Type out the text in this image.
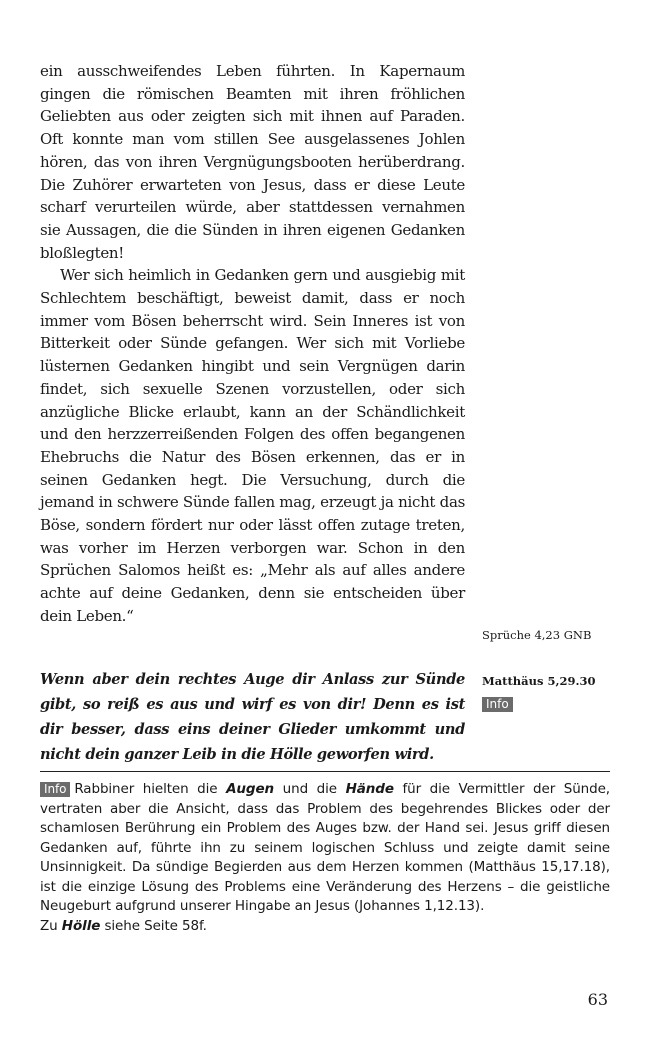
ein ausschweifendes Leben führten. In Kapernaum gingen die römischen Beamten mit ihren fröhlichen Geliebten aus oder zeigten sich mit ihnen auf Paraden. Oft konnte man vom stillen See ausgelassenes Johlen hören, das von ihren Vergnügungsbooten herüberdrang. Die Zuhörer erwarteten von Jesus, dass er diese Leute scharf verurteilen würde, aber stattdessen vernahmen sie Aussagen, die die Sünden in ihren eigenen Gedanken bloßlegten!

Wer sich heimlich in Gedanken gern und ausgiebig mit Schlechtem beschäftigt, beweist damit, dass er noch immer vom Bösen beherrscht wird. Sein Inneres ist von Bitterkeit oder Sünde gefangen. Wer sich mit Vorliebe lüsternen Gedanken hingibt und sein Vergnügen darin findet, sich sexuelle Szenen vorzustellen, oder sich anzügliche Blicke erlaubt, kann an der Schändlichkeit und den herzzerreißenden Folgen des offen begangenen Ehebruchs die Natur des Bösen erkennen, das er in seinen Gedanken hegt. Die Versuchung, durch die jemand in schwere Sünde fallen mag, erzeugt ja nicht das Böse, sondern fördert nur oder lässt offen zutage treten, was vorher im Herzen verborgen war. Schon in den Sprüchen Salomos heißt es: „Mehr als auf alles andere achte auf deine Gedanken, denn sie entscheiden über dein Leben.“

Sprüche 4,23 GNB

Wenn aber dein rechtes Auge dir Anlass zur Sünde gibt, so reiß es aus und wirf es von dir! Denn es ist dir besser, dass eins deiner Glieder umkommt und nicht dein ganzer Leib in die Hölle geworfen wird.

Matthäus 5,29.30
Info

Info Rabbiner hielten die Augen und die Hände für die Vermittler der Sünde, vertraten aber die Ansicht, dass das Problem des begehrendes Blickes oder der schamlosen Berührung ein Problem des Auges bzw. der Hand sei. Jesus griff diesen Gedanken auf, führte ihn zu seinem logischen Schluss und zeigte damit seine Unsinnigkeit. Da sündige Begierden aus dem Herzen kommen (Matthäus 15,17.18), ist die einzige Lösung des Problems eine Veränderung des Herzens – die geistliche Neugeburt aufgrund unserer Hingabe an Jesus (Johannes 1,12.13).

Zu Hölle siehe Seite 58f.

63
